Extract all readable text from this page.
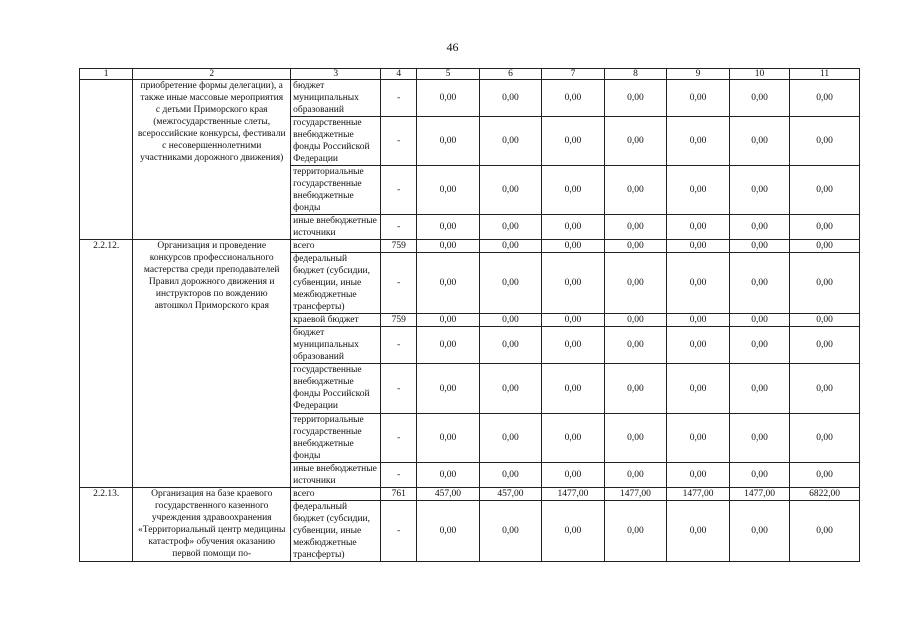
46
1	2	3	4	5	6	7	8	9	10	11
	приобретение формы делегации), а также иные массовые мероприятия с детьми Приморского края (межгосударственные слеты, всероссийские конкурсы, фестивали с несовершеннолетними участниками дорожного движения)	бюджет муниципальных образований	-	0,00	0,00	0,00	0,00	0,00	0,00	0,00
		государственные внебюджетные фонды Российской Федерации	-	0,00	0,00	0,00	0,00	0,00	0,00	0,00
		территориальные государственные внебюджетные фонды	-	0,00	0,00	0,00	0,00	0,00	0,00	0,00
		иные внебюджетные источники	-	0,00	0,00	0,00	0,00	0,00	0,00	0,00
2.2.12.	Организация и проведение конкурсов профессионального мастерства среди преподавателей Правил дорожного движения и инструкторов по вождению автошкол Приморского края	всего	759	0,00	0,00	0,00	0,00	0,00	0,00	0,00
		федеральный бюджет (субсидии, субвенции, иные межбюджетные трансферты)	-	0,00	0,00	0,00	0,00	0,00	0,00	0,00
		краевой бюджет	759	0,00	0,00	0,00	0,00	0,00	0,00	0,00
		бюджет муниципальных образований	-	0,00	0,00	0,00	0,00	0,00	0,00	0,00
		государственные внебюджетные фонды Российской Федерации	-	0,00	0,00	0,00	0,00	0,00	0,00	0,00
		территориальные государственные внебюджетные фонды	-	0,00	0,00	0,00	0,00	0,00	0,00	0,00
		иные внебюджетные источники	-	0,00	0,00	0,00	0,00	0,00	0,00	0,00
2.2.13.	Организация на базе краевого государственного казенного учреждения здравоохранения «Территориальный центр медицины катастроф» обучения оказанию первой помощи по-	всего	761	457,00	457,00	1477,00	1477,00	1477,00	1477,00	6822,00
		федеральный бюджет (субсидии, субвенции, иные межбюджетные трансферты)	-	0,00	0,00	0,00	0,00	0,00	0,00	0,00
